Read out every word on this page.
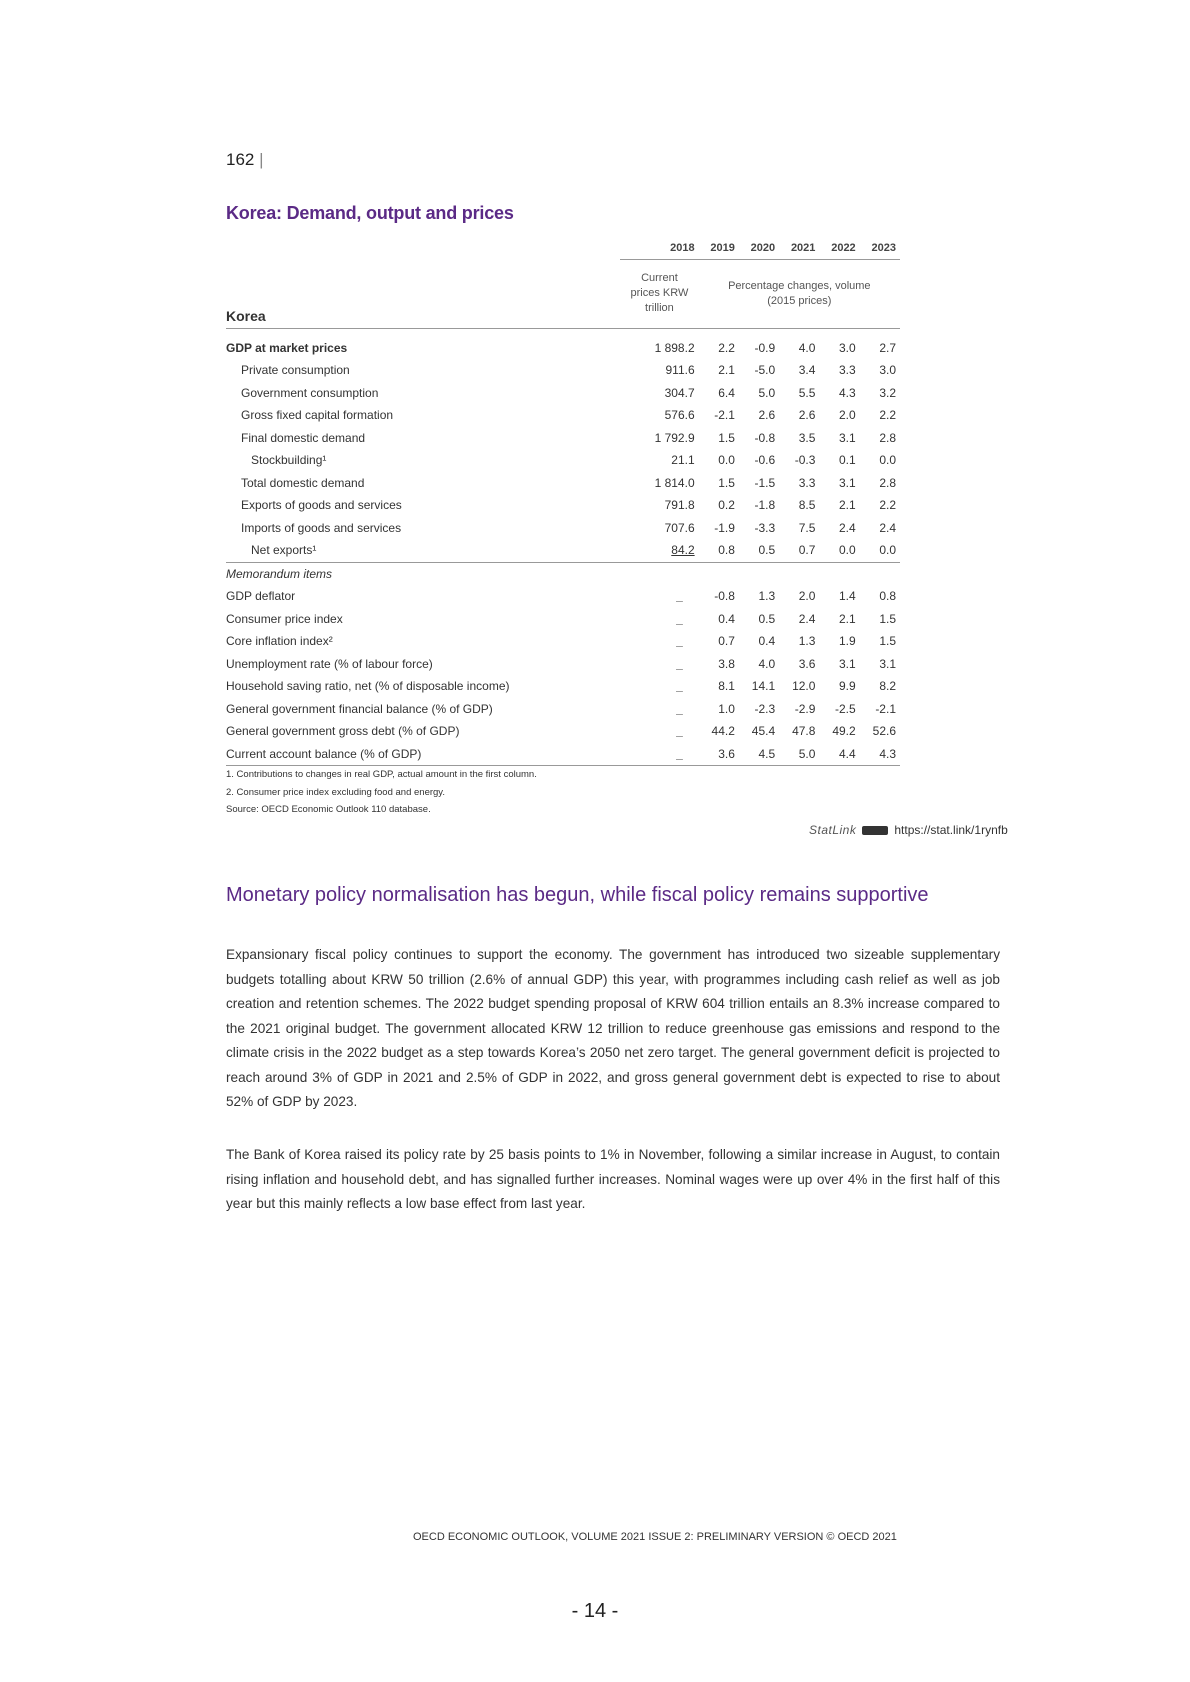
162 |
Korea: Demand, output and prices
	2018	2019	2020	2021	2022	2023
Korea	Current prices KRW trillion	Percentage changes, volume (2015 prices)				

GDP at market prices	1 898.2	2.2	-0.9	4.0	3.0	2.7
Private consumption	911.6	2.1	-5.0	3.4	3.3	3.0
Government consumption	304.7	6.4	5.0	5.5	4.3	3.2
Gross fixed capital formation	576.6	-2.1	2.6	2.6	2.0	2.2
Final domestic demand	1 792.9	1.5	-0.8	3.5	3.1	2.8
Stockbuilding¹	21.1	0.0	-0.6	-0.3	0.1	0.0
Total domestic demand	1 814.0	1.5	-1.5	3.3	3.1	2.8
Exports of goods and services	791.8	0.2	-1.8	8.5	2.1	2.2
Imports of goods and services	707.6	-1.9	-3.3	7.5	2.4	2.4
Net exports¹	84.2	0.8	0.5	0.7	0.0	0.0
Memorandum items						
GDP deflator	_	-0.8	1.3	2.0	1.4	0.8
Consumer price index	_	0.4	0.5	2.4	2.1	1.5
Core inflation index²	_	0.7	0.4	1.3	1.9	1.5
Unemployment rate (% of labour force)	_	3.8	4.0	3.6	3.1	3.1
Household saving ratio, net (% of disposable income)	_	8.1	14.1	12.0	9.9	8.2
General government financial balance (% of GDP)	_	1.0	-2.3	-2.9	-2.5	-2.1
General government gross debt (% of GDP)	_	44.2	45.4	47.8	49.2	52.6
Current account balance (% of GDP)	_	3.6	4.5	5.0	4.4	4.3
1. Contributions to changes in real GDP, actual amount in the first column.
2. Consumer price index excluding food and energy.
Source: OECD Economic Outlook 110 database.
StatLink	https://stat.link/1rynfb
Monetary policy normalisation has begun, while fiscal policy remains supportive

Expansionary fiscal policy continues to support the economy. The government has introduced two sizeable supplementary budgets totalling about KRW 50 trillion (2.6% of annual GDP) this year, with programmes including cash relief as well as job creation and retention schemes. The 2022 budget spending proposal of KRW 604 trillion entails an 8.3% increase compared to the 2021 original budget. The government allocated KRW 12 trillion to reduce greenhouse gas emissions and respond to the climate crisis in the 2022 budget as a step towards Korea’s 2050 net zero target. The general government deficit is projected to reach around 3% of GDP in 2021 and 2.5% of GDP in 2022, and gross general government debt is expected to rise to about 52% of GDP by 2023.

The Bank of Korea raised its policy rate by 25 basis points to 1% in November, following a similar increase in August, to contain rising inflation and household debt, and has signalled further increases. Nominal wages were up over 4% in the first half of this year but this mainly reflects a low base effect from last year.

OECD ECONOMIC OUTLOOK, VOLUME 2021 ISSUE 2: PRELIMINARY VERSION © OECD 2021
- 14 -
